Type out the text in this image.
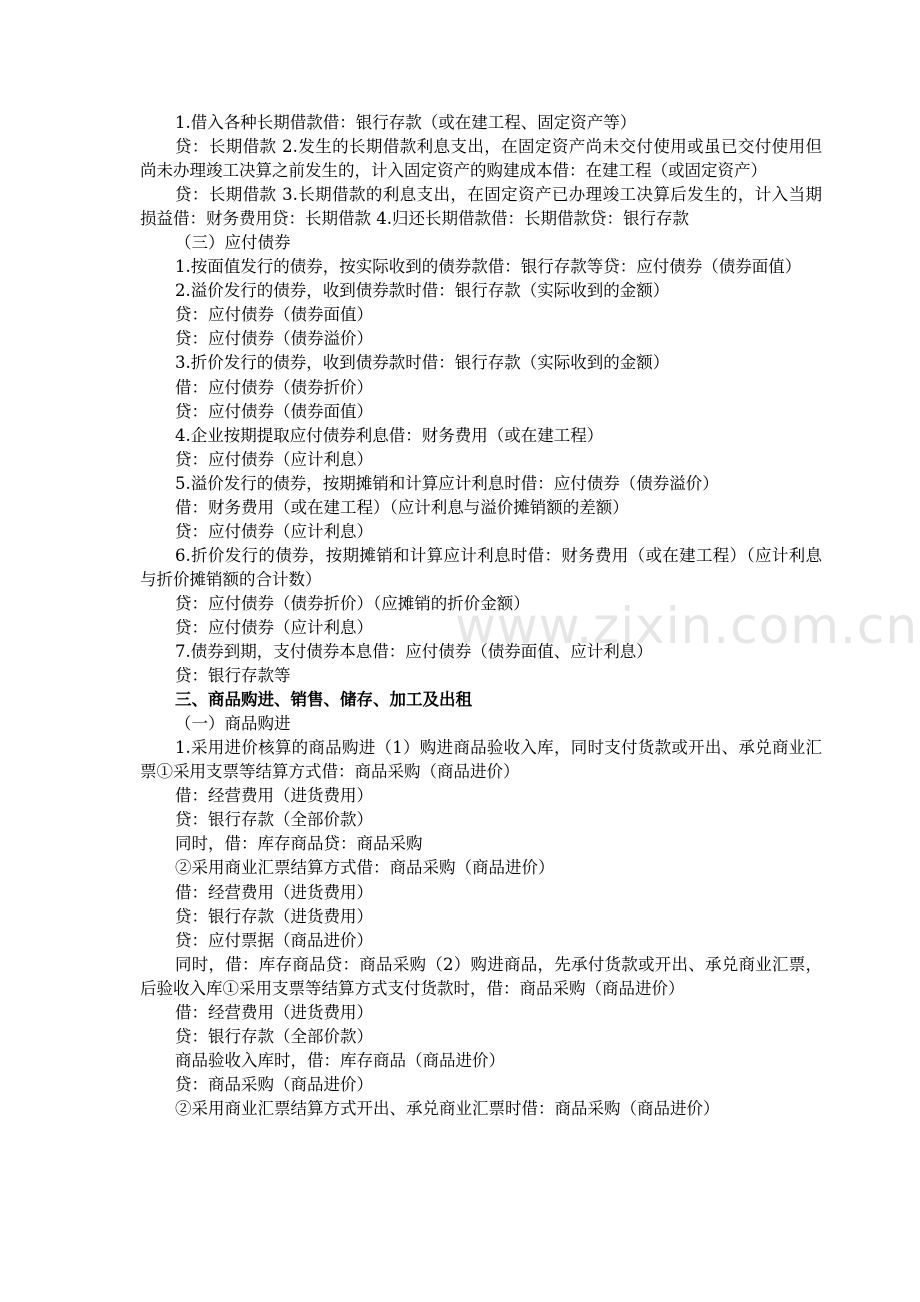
www.zixin.com.cn

1.借入各种长期借款借：银行存款（或在建工程、固定资产等）

贷：长期借款 2.发生的长期借款利息支出，在固定资产尚未交付使用或虽已交付使用但尚未办理竣工决算之前发生的，计入固定资产的购建成本借：在建工程（或固定资产）

贷：长期借款 3.长期借款的利息支出，在固定资产已办理竣工决算后发生的，计入当期损益借：财务费用贷：长期借款 4.归还长期借款借：长期借款贷：银行存款

（三）应付债券

1.按面值发行的债券，按实际收到的债券款借：银行存款等贷：应付债券（债券面值）

2.溢价发行的债券，收到债券款时借：银行存款（实际收到的金额）

贷：应付债券（债券面值）

贷：应付债券（债券溢价）

3.折价发行的债券，收到债券款时借：银行存款（实际收到的金额）

借：应付债券（债券折价）

贷：应付债券（债券面值）

4.企业按期提取应付债券利息借：财务费用（或在建工程）

贷：应付债券（应计利息）

5.溢价发行的债券，按期摊销和计算应计利息时借：应付债券（债券溢价）

借：财务费用（或在建工程）（应计利息与溢价摊销额的差额）

贷：应付债券（应计利息）

6.折价发行的债券，按期摊销和计算应计利息时借：财务费用（或在建工程）（应计利息与折价摊销额的合计数）

贷：应付债券（债券折价）（应摊销的折价金额）

贷：应付债券（应计利息）

7.债券到期，支付债券本息借：应付债券（债券面值、应计利息）

贷：银行存款等

三、商品购进、销售、储存、加工及出租

（一）商品购进

1.采用进价核算的商品购进（1）购进商品验收入库，同时支付货款或开出、承兑商业汇票①采用支票等结算方式借：商品采购（商品进价）

借：经营费用（进货费用）

贷：银行存款（全部价款）

同时，借：库存商品贷：商品采购

②采用商业汇票结算方式借：商品采购（商品进价）

借：经营费用（进货费用）

贷：银行存款（进货费用）

贷：应付票据（商品进价）

同时，借：库存商品贷：商品采购（2）购进商品，先承付货款或开出、承兑商业汇票，后验收入库①采用支票等结算方式支付货款时，借：商品采购（商品进价）

借：经营费用（进货费用）

贷：银行存款（全部价款）

商品验收入库时，借：库存商品（商品进价）

贷：商品采购（商品进价）

②采用商业汇票结算方式开出、承兑商业汇票时借：商品采购（商品进价）
